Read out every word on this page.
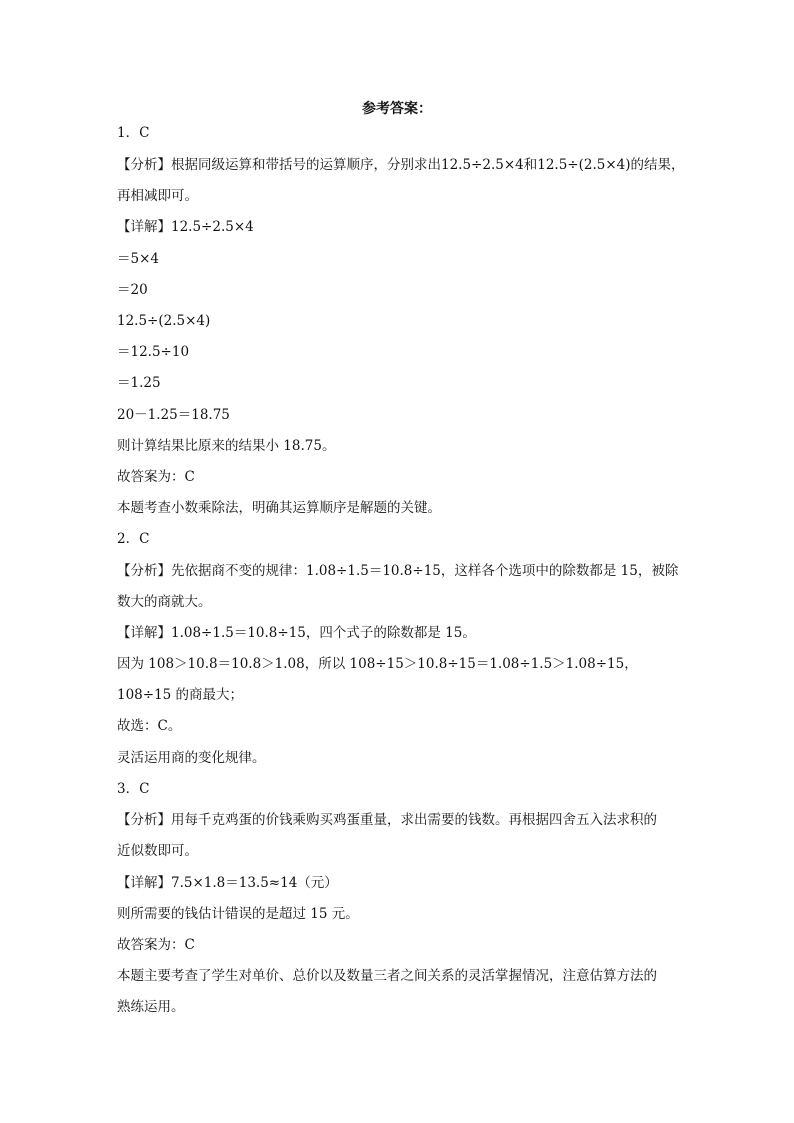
参考答案：
1．C
【分析】根据同级运算和带括号的运算顺序，分别求出12.5÷2.5×4和12.5÷(2.5×4)的结果，
再相减即可。
【详解】12.5÷2.5×4
＝5×4
＝20
12.5÷(2.5×4)
＝12.5÷10
＝1.25
20－1.25＝18.75
则计算结果比原来的结果小 18.75。
故答案为：C
本题考查小数乘除法，明确其运算顺序是解题的关键。
2．C
【分析】先依据商不变的规律：1.08÷1.5＝10.8÷15，这样各个选项中的除数都是 15，被除
数大的商就大。
【详解】1.08÷1.5＝10.8÷15，四个式子的除数都是 15。
因为 108＞10.8＝10.8＞1.08，所以 108÷15＞10.8÷15＝1.08÷1.5＞1.08÷15，
108÷15 的商最大；
故选：C。
灵活运用商的变化规律。
3．C
【分析】用每千克鸡蛋的价钱乘购买鸡蛋重量，求出需要的钱数。再根据四舍五入法求积的
近似数即可。
【详解】7.5×1.8＝13.5≈14（元）
则所需要的钱估计错误的是超过 15 元。
故答案为：C
本题主要考查了学生对单价、总价以及数量三者之间关系的灵活掌握情况，注意估算方法的
熟练运用。
